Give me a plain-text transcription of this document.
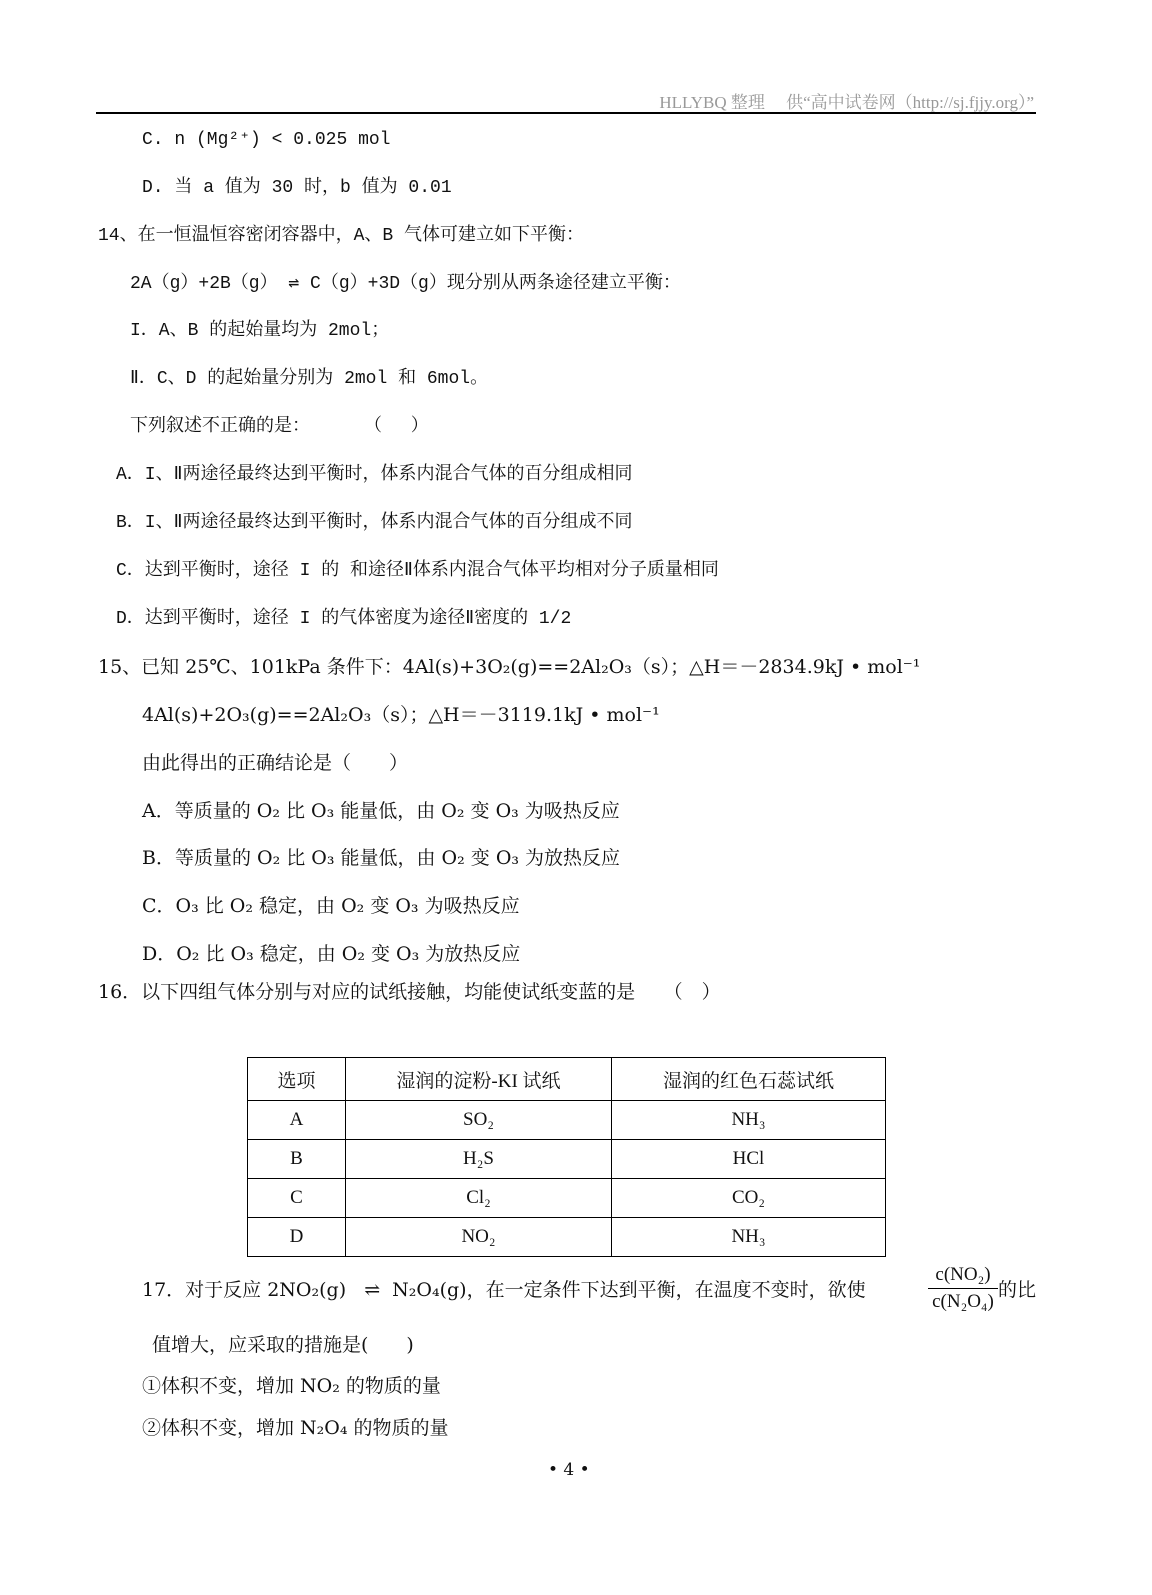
HLLYBQ 整理　 供“高中试卷网（http://sj.fjjy.org）”
C. n (Mg²⁺) < 0.025 mol
D. 当 a 值为 30 时，b 值为 0.01
14、在一恒温恒容密闭容器中，A、B 气体可建立如下平衡：
2A（g）+2B（g） ⇌ C（g）+3D（g）现分别从两条途径建立平衡：
I．A、B 的起始量均为 2mol；
Ⅱ．C、D 的起始量分别为 2mol 和 6mol。
下列叙述不正确的是：　　　　（　 ）
A．I、Ⅱ两途径最终达到平衡时，体系内混合气体的百分组成相同
B．I、Ⅱ两途径最终达到平衡时，体系内混合气体的百分组成不同
C．达到平衡时，途径 I 的 和途径Ⅱ体系内混合气体平均相对分子质量相同
D．达到平衡时，途径 I 的气体密度为途径Ⅱ密度的 1/2
15、已知 25℃、101kPa 条件下：4Al(s)+3O₂(g)==2Al₂O₃（s）；△H＝－2834.9kJ • mol⁻¹
4Al(s)+2O₃(g)==2Al₂O₃（s）；△H＝－3119.1kJ • mol⁻¹
由此得出的正确结论是（　　）
A．等质量的 O₂ 比 O₃ 能量低，由 O₂ 变 O₃ 为吸热反应
B．等质量的 O₂ 比 O₃ 能量低，由 O₂ 变 O₃ 为放热反应
C．O₃ 比 O₂ 稳定，由 O₂ 变 O₃ 为吸热反应
D．O₂ 比 O₃ 稳定，由 O₂ 变 O₃ 为放热反应
16．以下四组气体分别与对应的试纸接触，均能使试纸变蓝的是　　（　）
选项	湿润的淀粉-KI 试纸	湿润的红色石蕊试纸
A	SO₂	NH₃
B	H₂S	HCl
C	Cl₂	CO₂
D	NO₂	NH₃
17．对于反应 2NO₂(g) ⇌ N₂O₄(g)，在一定条件下达到平衡，在温度不变时，欲使	$\frac{\text{c(NO₂)}}{\text{c(N₂O₄)}}$ 的比
值增大，应采取的措施是(　　)
①体积不变，增加 NO₂ 的物质的量
②体积不变，增加 N₂O₄ 的物质的量
• 4 •
